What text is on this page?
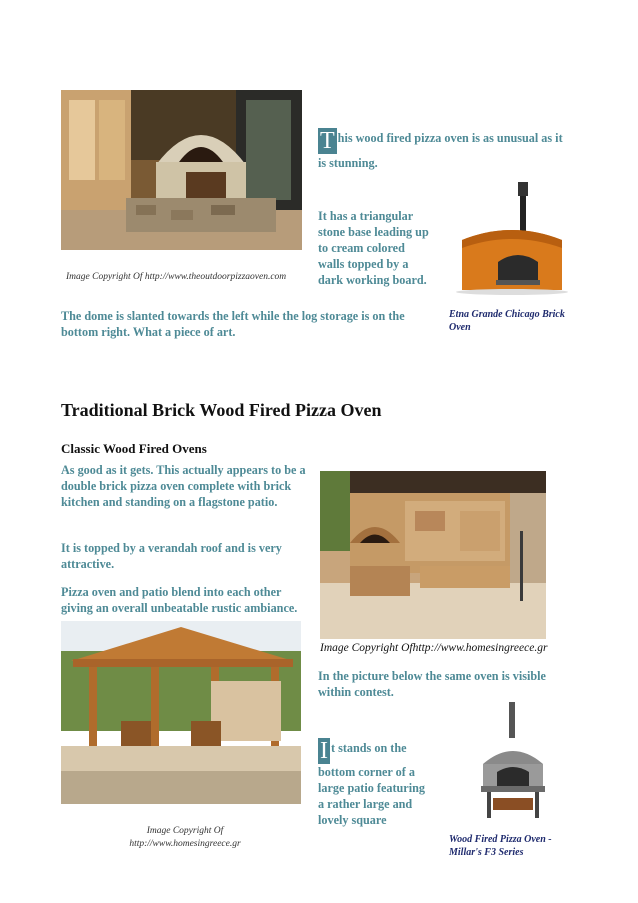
Image Copyright Of http://www.theoutdoorpizzaoven.com

T his wood fired pizza oven is as unusual as it is stunning.

It has a triangular stone base leading up to cream colored walls topped by a dark working board.

Etna Grande Chicago Brick Oven

The dome is slanted towards the left while the log storage is on the bottom right. What a piece of art.

Traditional Brick Wood Fired Pizza Oven
Classic Wood Fired Ovens

As good as it gets. This actually appears to be a double brick pizza oven complete with brick kitchen and standing on a flagstone patio.

It is topped by a verandah roof and is very attractive.

Pizza oven and patio blend into each other giving an overall unbeatable rustic ambiance.

Image Copyright Ofhttp://www.homesingreece.gr

In the picture below the same oven is visible within contest.

Image Copyright Of
http://www.homesingreece.gr

I t stands on the bottom corner of a large patio featuring a rather large and lovely square

Wood Fired Pizza Oven -
Millar's F3 Series
